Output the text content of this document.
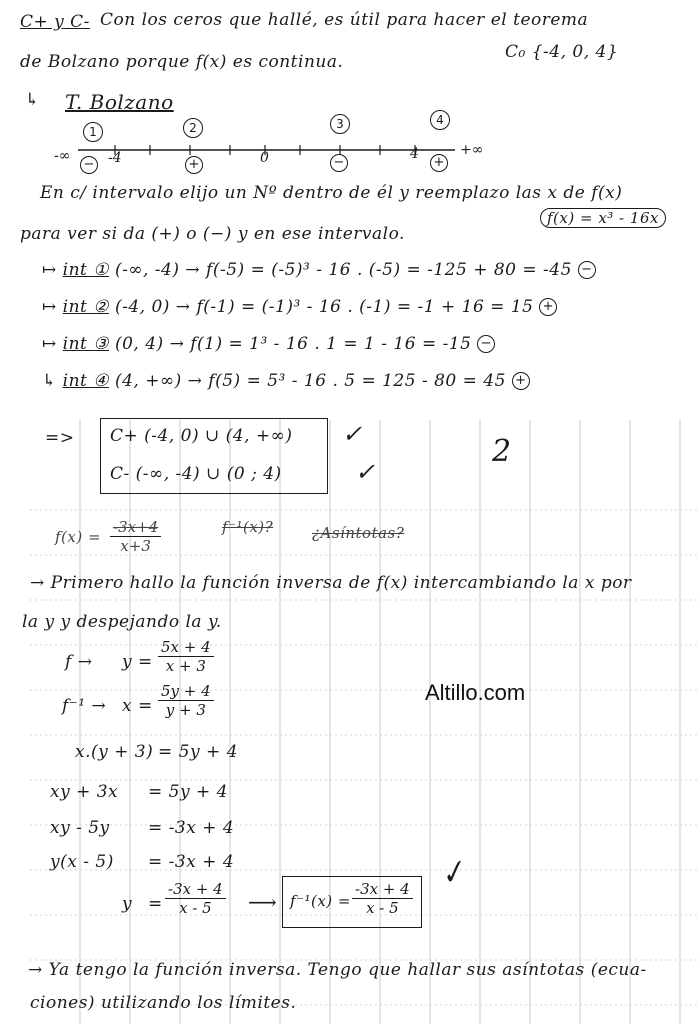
C+ y C- Con los ceros que hallé, es útil para hacer el teorema
de Bolzano porque f(x) es continua.	C₀ {-4, 0, 4}
↳ T. Bolzano
1	2	3	4
-∞	+∞
-4	0	4
−	+	−	+
En c/ intervalo elijo un Nº dentro de él y reemplazo las x de f(x)
para ver si da (+) o (−) y en ese intervalo.
f(x) = x³ - 16x
↦ int ① (-∞, -4) → f(-5) = (-5)³ - 16 . (-5) = -125 + 80 = -45 −
↦ int ② (-4, 0) → f(-1) = (-1)³ - 16 . (-1) = -1 + 16 = 15 +
↦ int ③ (0, 4) → f(1) = 1³ - 16 . 1 = 1 - 16 = -15 −
↳ int ④ (4, +∞) → f(5) = 5³ - 16 . 5 = 125 - 80 = 45 +
=> C+ (-4, 0) ∪ (4, +∞)
C- (-∞, -4) ∪ (0 ; 4)
✓
✓
2
$f(x) = \frac{-3x+4}{x+3}$	f⁻¹(x)?	¿Asíntotas?
→ Primero hallo la función inversa de f(x) intercambiando la x por
la y y despejando la y.
$f \to y = \frac{5x + 4}{x + 3}$
$f^{-1} \to x = \frac{5y + 4}{y + 3}$	Altillo.com
x.(y + 3) = 5y + 4
xy + 3x = 5y + 4
xy - 5y = -3x + 4
y(x - 5) = -3x + 4
$y = \frac{-3x + 4}{x - 5}$ ⟶ $f^{-1}(x) = \frac{-3x + 4}{x - 5}$
✓
→ Ya tengo la función inversa. Tengo que hallar sus asíntotas (ecua-
ciones) utilizando los límites.
